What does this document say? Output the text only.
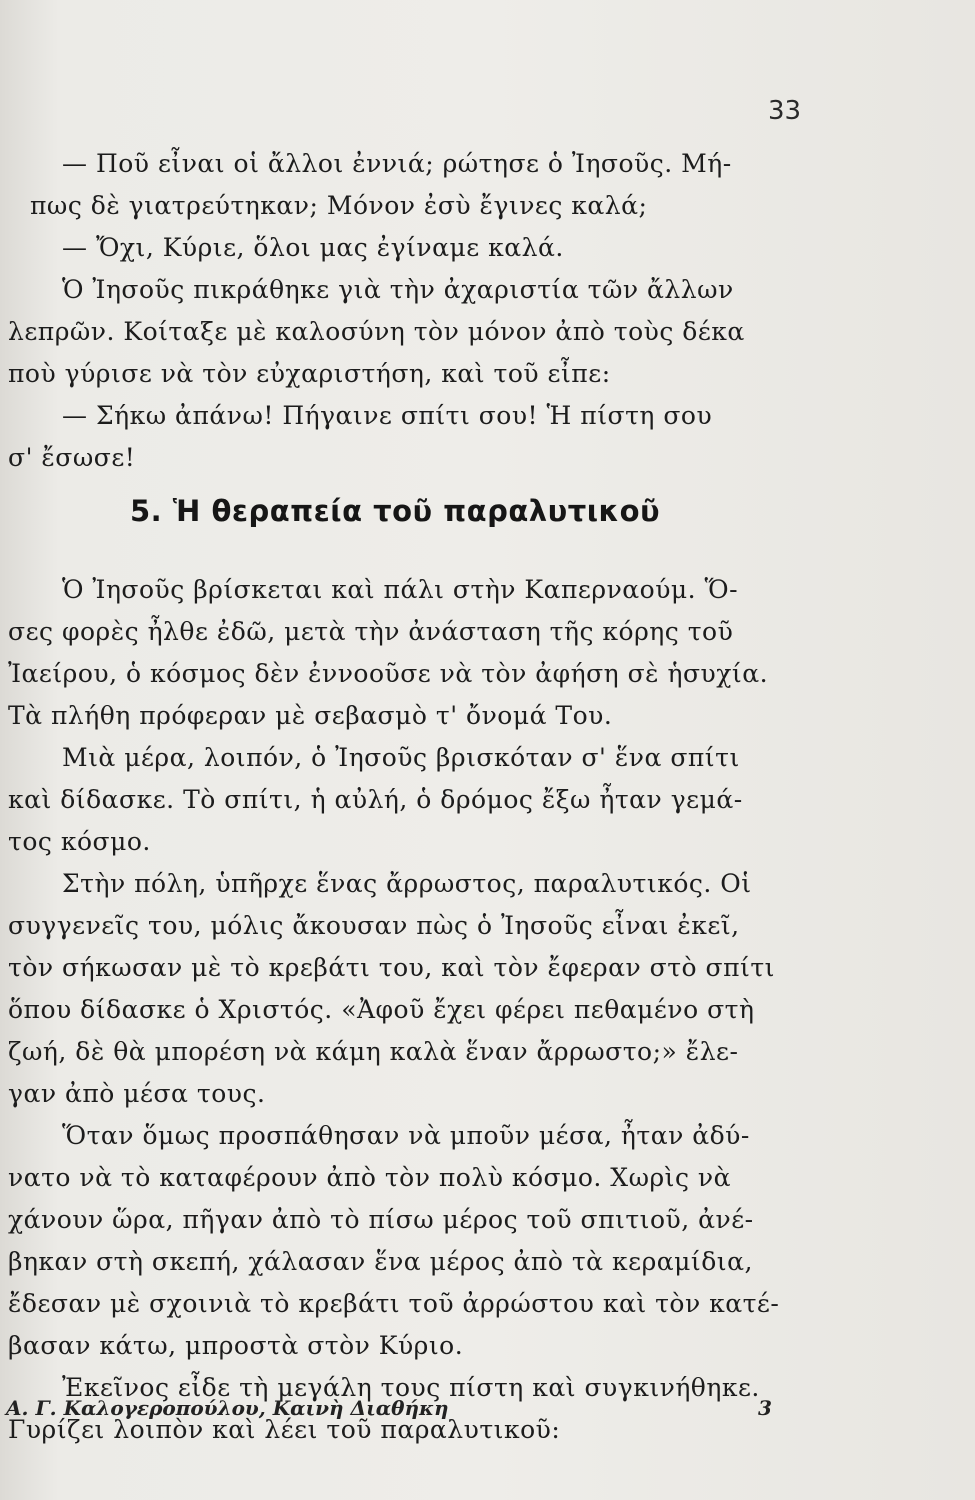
33
— Ποῦ εἶναι οἱ ἄλλοι ἐννιά; ρώτησε ὁ Ἰησοῦς. Μή-
πως δὲ γιατρεύτηκαν; Μόνον ἐσὺ ἔγινες καλά;
— Ὄχι, Κύριε, ὅλοι μας ἐγίναμε καλά.
Ὁ Ἰησοῦς πικράθηκε γιὰ τὴν ἀχαριστία τῶν ἄλλων
λεπρῶν. Κοίταξε μὲ καλοσύνη τὸν μόνον ἀπὸ τοὺς δέκα
ποὺ γύρισε νὰ τὸν εὐχαριστήση, καὶ τοῦ εἶπε:
— Σήκω ἀπάνω! Πήγαινε σπίτι σου! Ἡ πίστη σου
σ' ἔσωσε!
5. Ἡ θεραπεία τοῦ παραλυτικοῦ
Ὁ Ἰησοῦς βρίσκεται καὶ πάλι στὴν Καπερναούμ. Ὅ-
σες φορὲς ἦλθε ἐδῶ, μετὰ τὴν ἀνάσταση τῆς κόρης τοῦ
Ἰαείρου, ὁ κόσμος δὲν ἐννοοῦσε νὰ τὸν ἀφήση σὲ ἡσυχία.
Τὰ πλήθη πρόφεραν μὲ σεβασμὸ τ' ὄνομά Του.
Μιὰ μέρα, λοιπόν, ὁ Ἰησοῦς βρισκόταν σ' ἕνα σπίτι
καὶ δίδασκε. Τὸ σπίτι, ἡ αὐλή, ὁ δρόμος ἔξω ἦταν γεμά-
τος κόσμο.
Στὴν πόλη, ὑπῆρχε ἕνας ἄρρωστος, παραλυτικός. Οἱ
συγγενεῖς του, μόλις ἄκουσαν πὼς ὁ Ἰησοῦς εἶναι ἐκεῖ,
τὸν σήκωσαν μὲ τὸ κρεβάτι του, καὶ τὸν ἔφεραν στὸ σπίτι
ὅπου δίδασκε ὁ Χριστός. «Ἀφοῦ ἔχει φέρει πεθαμένο στὴ
ζωή, δὲ θὰ μπορέση νὰ κάμη καλὰ ἕναν ἄρρωστο;» ἔλε-
γαν ἀπὸ μέσα τους.
Ὅταν ὅμως προσπάθησαν νὰ μποῦν μέσα, ἦταν ἀδύ-
νατο νὰ τὸ καταφέρουν ἀπὸ τὸν πολὺ κόσμο. Χωρὶς νὰ
χάνουν ὥρα, πῆγαν ἀπὸ τὸ πίσω μέρος τοῦ σπιτιοῦ, ἀνέ-
βηκαν στὴ σκεπή, χάλασαν ἕνα μέρος ἀπὸ τὰ κεραμίδια,
ἔδεσαν μὲ σχοινιὰ τὸ κρεβάτι τοῦ ἀρρώστου καὶ τὸν κατέ-
βασαν κάτω, μπροστὰ στὸν Κύριο.
Ἐκεῖνος εἶδε τὴ μεγάλη τους πίστη καὶ συγκινήθηκε.
Γυρίζει λοιπὸν καὶ λέει τοῦ παραλυτικοῦ:
Α. Γ. Καλογεροπούλου, Καινὴ Διαθήκη	3
